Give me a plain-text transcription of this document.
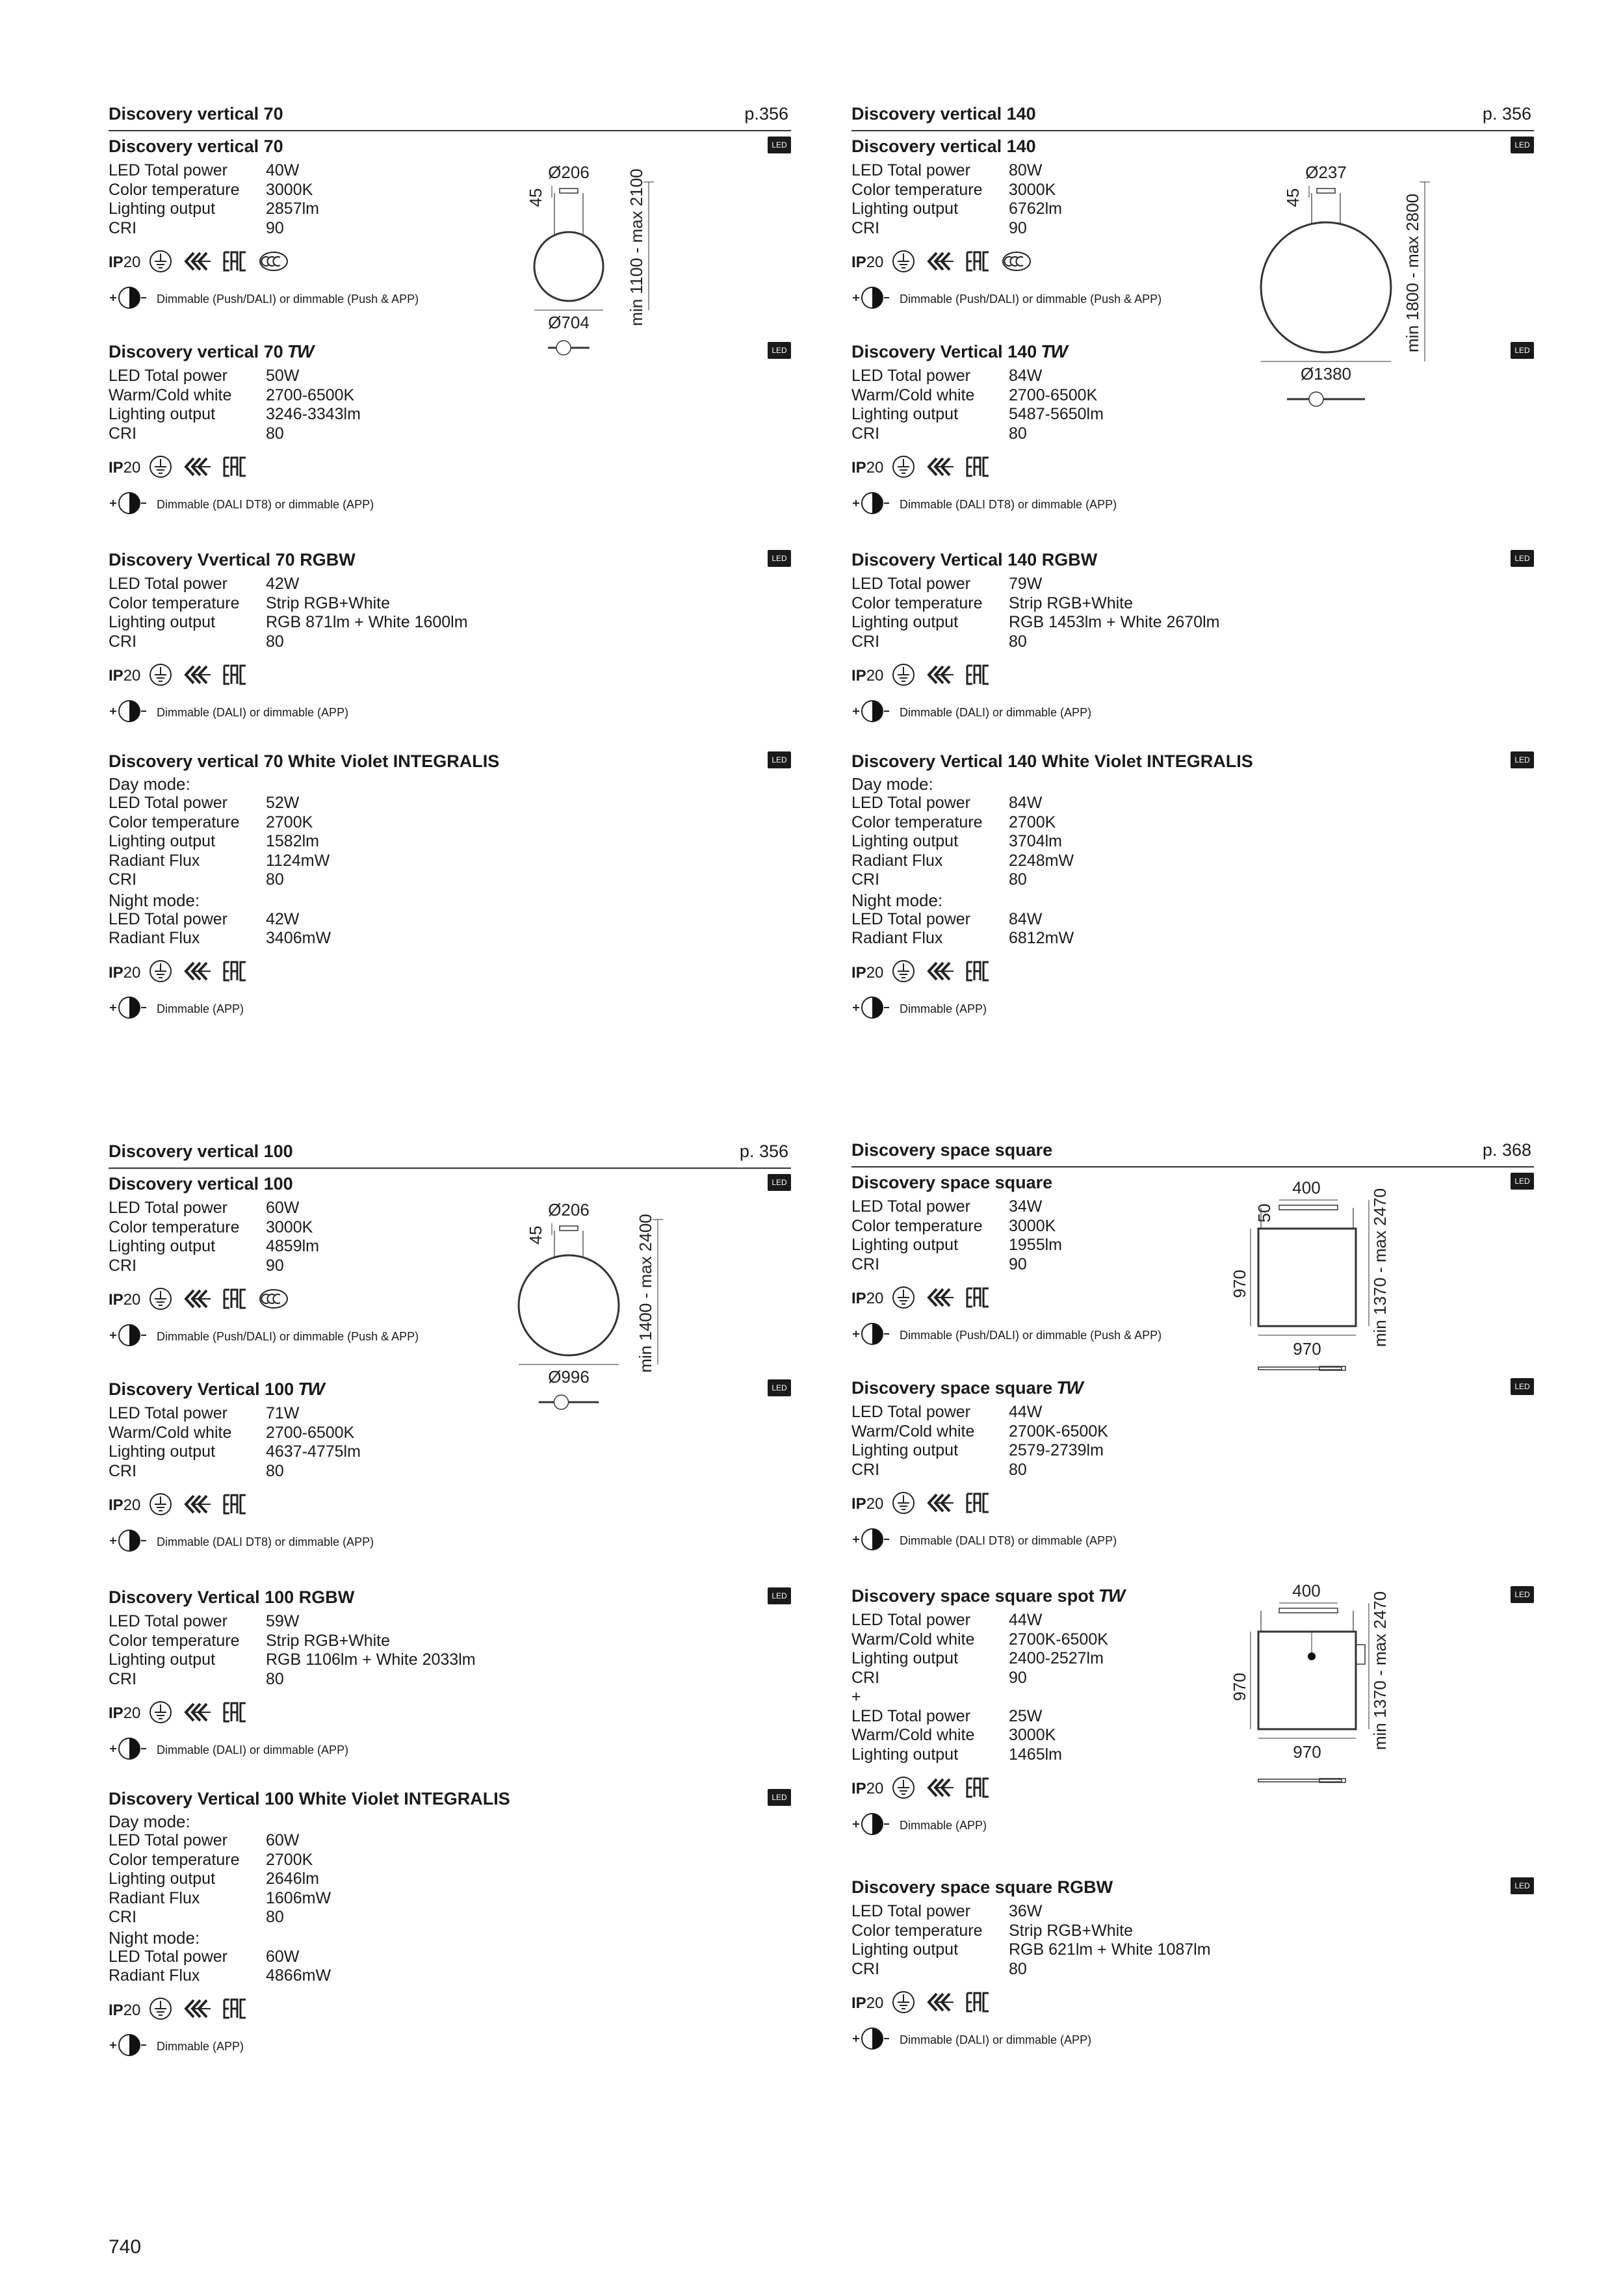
Discovery vertical 70	p.356
Discovery vertical 70	LED
LED Total power	40W
Color temperature	3000K
Lighting output	2857lm
CRI	90
IP20
Dimmable (Push/DALI) or dimmable (Push & APP)
Discovery vertical 70 TW	LED
LED Total power	50W
Warm/Cold white	2700-6500K
Lighting output	3246-3343lm
CRI	80
IP20
Dimmable (DALI DT8) or dimmable (APP)
Discovery Vvertical 70 RGBW	LED
LED Total power	42W
Color temperature	Strip RGB+White
Lighting output	RGB 871lm + White 1600lm
CRI	80
IP20
Dimmable (DALI) or dimmable (APP)
Discovery vertical 70 White Violet INTEGRALIS	LED
Day mode:
LED Total power	52W
Color temperature	2700K
Lighting output	1582lm
Radiant Flux	1124mW
CRI	80
Night mode:
LED Total power	42W
Radiant Flux	3406mW
IP20
Dimmable (APP)
Discovery vertical 140	p. 356
Discovery vertical 140	LED
LED Total power	80W
Color temperature	3000K
Lighting output	6762lm
CRI	90
IP20
Dimmable (Push/DALI) or dimmable (Push & APP)
Discovery Vertical 140 TW	LED
LED Total power	84W
Warm/Cold white	2700-6500K
Lighting output	5487-5650lm
CRI	80
IP20
Dimmable (DALI DT8) or dimmable (APP)
Discovery Vertical 140 RGBW	LED
LED Total power	79W
Color temperature	Strip RGB+White
Lighting output	RGB 1453lm + White 2670lm
CRI	80
IP20
Dimmable (DALI) or dimmable (APP)
Discovery Vertical 140 White Violet INTEGRALIS	LED
Day mode:
LED Total power	84W
Color temperature	2700K
Lighting output	3704lm
Radiant Flux	2248mW
CRI	80
Night mode:
LED Total power	84W
Radiant Flux	6812mW
IP20
Dimmable (APP)
Discovery vertical 100	p. 356
Discovery vertical 100	LED
LED Total power	60W
Color temperature	3000K
Lighting output	4859lm
CRI	90
IP20
Dimmable (Push/DALI) or dimmable (Push & APP)
Discovery Vertical 100 TW	LED
LED Total power	71W
Warm/Cold white	2700-6500K
Lighting output	4637-4775lm
CRI	80
IP20
Dimmable (DALI DT8) or dimmable (APP)
Discovery Vertical 100 RGBW	LED
LED Total power	59W
Color temperature	Strip RGB+White
Lighting output	RGB 1106lm + White 2033lm
CRI	80
IP20
Dimmable (DALI) or dimmable (APP)
Discovery Vertical 100 White Violet INTEGRALIS	LED
Day mode:
LED Total power	60W
Color temperature	2700K
Lighting output	2646lm
Radiant Flux	1606mW
CRI	80
Night mode:
LED Total power	60W
Radiant Flux	4866mW
IP20
Dimmable (APP)
Discovery space square	p. 368
Discovery space square	LED
LED Total power	34W
Color temperature	3000K
Lighting output	1955lm
CRI	90
IP20
Dimmable (Push/DALI) or dimmable (Push & APP)
Discovery space square TW	LED
LED Total power	44W
Warm/Cold white	2700K-6500K
Lighting output	2579-2739lm
CRI	80
IP20
Dimmable (DALI DT8) or dimmable (APP)
Discovery space square spot TW	LED
LED Total power	44W
Warm/Cold white	2700K-6500K
Lighting output	2400-2527lm
CRI	90
+
LED Total power	25W
Warm/Cold white	3000K
Lighting output	1465lm
IP20
Dimmable (APP)
Discovery space square RGBW	LED
LED Total power	36W
Color temperature	Strip RGB+White
Lighting output	RGB 621lm + White 1087lm
CRI	80
IP20
Dimmable (DALI) or dimmable (APP)
Ø206
45
Ø704 min 1100 - max 2100	Ø237
45
Ø1380
min 1800 - max 2800
Ø206
45
Ø996
min 1400 - max 2400
400
50
970
970
min 1370 - max 2470
400
970
970
min 1370 - max 2470
740
